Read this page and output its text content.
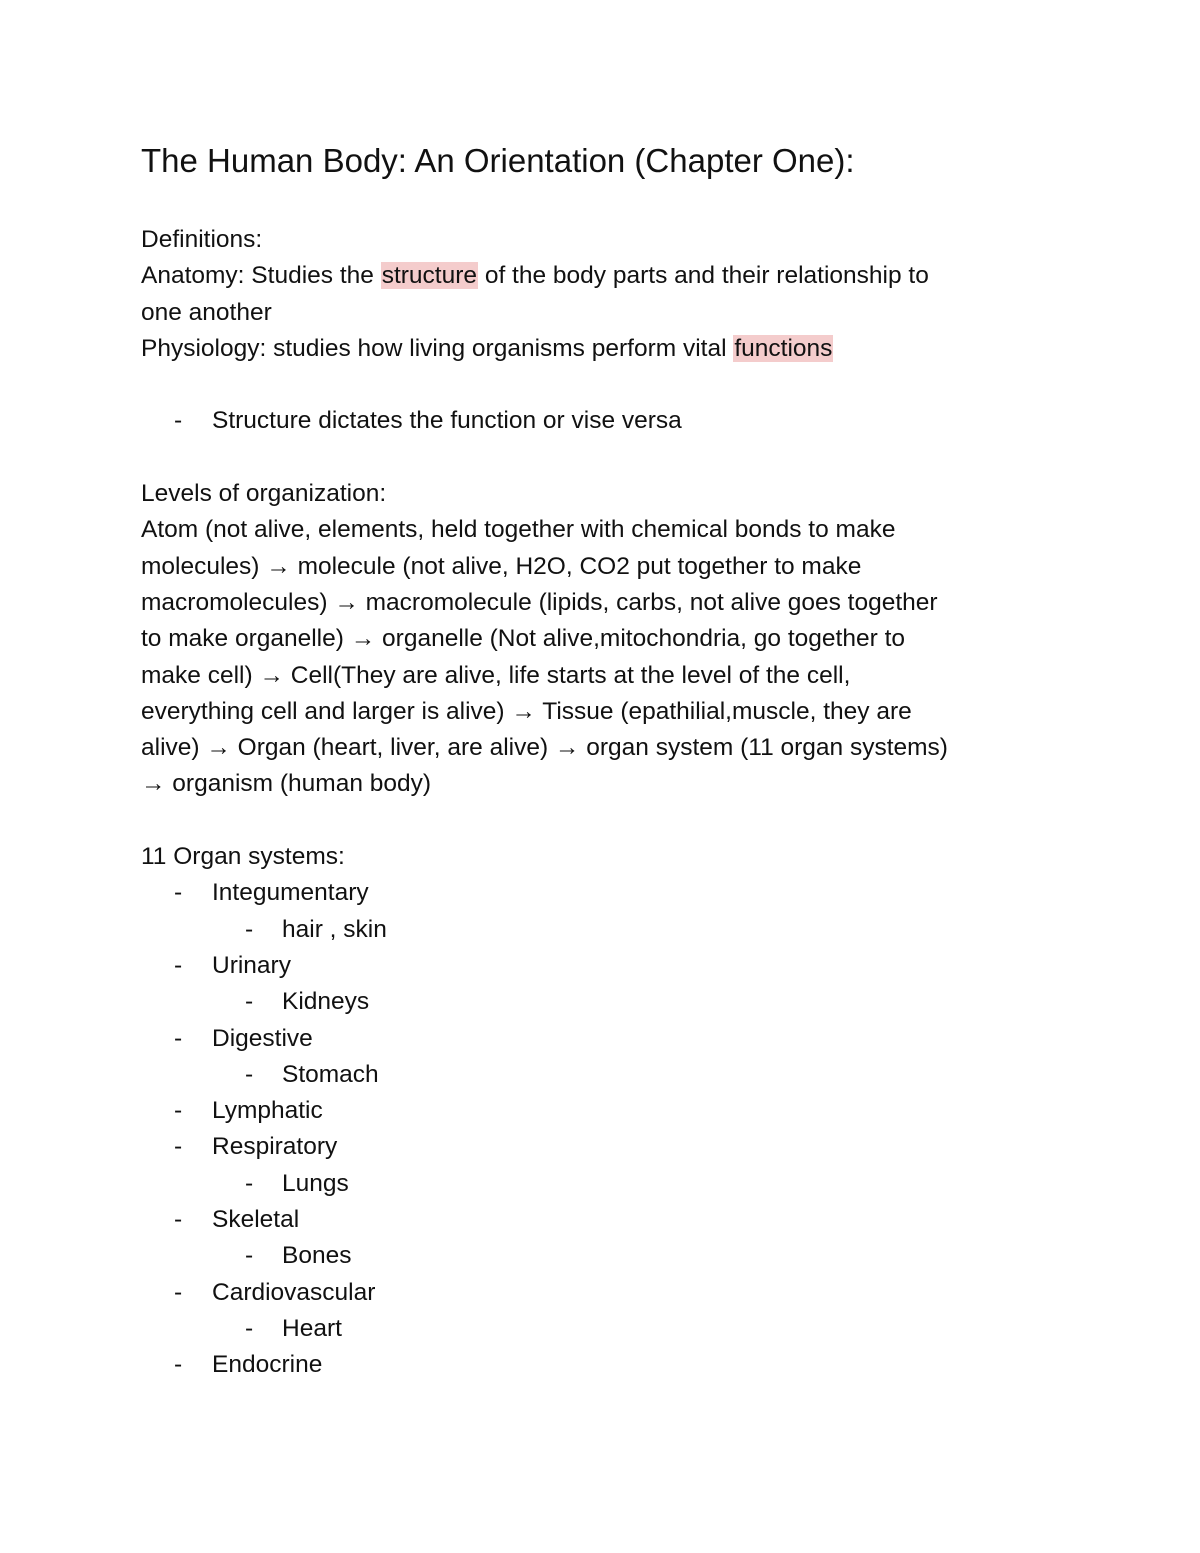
The Human Body: An Orientation (Chapter One):
Definitions:
Anatomy: Studies the structure of the body parts and their relationship to
one another
Physiology: studies how living organisms perform vital functions
- Structure dictates the function or vise versa
Levels of organization:
Atom (not alive, elements, held together with chemical bonds to make
molecules) → molecule (not alive, H2O, CO2 put together to make
macromolecules) → macromolecule (lipids, carbs, not alive goes together
to make organelle) → organelle (Not alive,mitochondria, go together to
make cell) → Cell(They are alive, life starts at the level of the cell,
everything cell and larger is alive) → Tissue (epathilial,muscle, they are
alive) → Organ (heart, liver, are alive) → organ system (11 organ systems)
→ organism (human body)
11 Organ systems:
- Integumentary
- hair , skin
- Urinary
- Kidneys
- Digestive
- Stomach
- Lymphatic
- Respiratory
- Lungs
- Skeletal
- Bones
- Cardiovascular
- Heart
- Endocrine
